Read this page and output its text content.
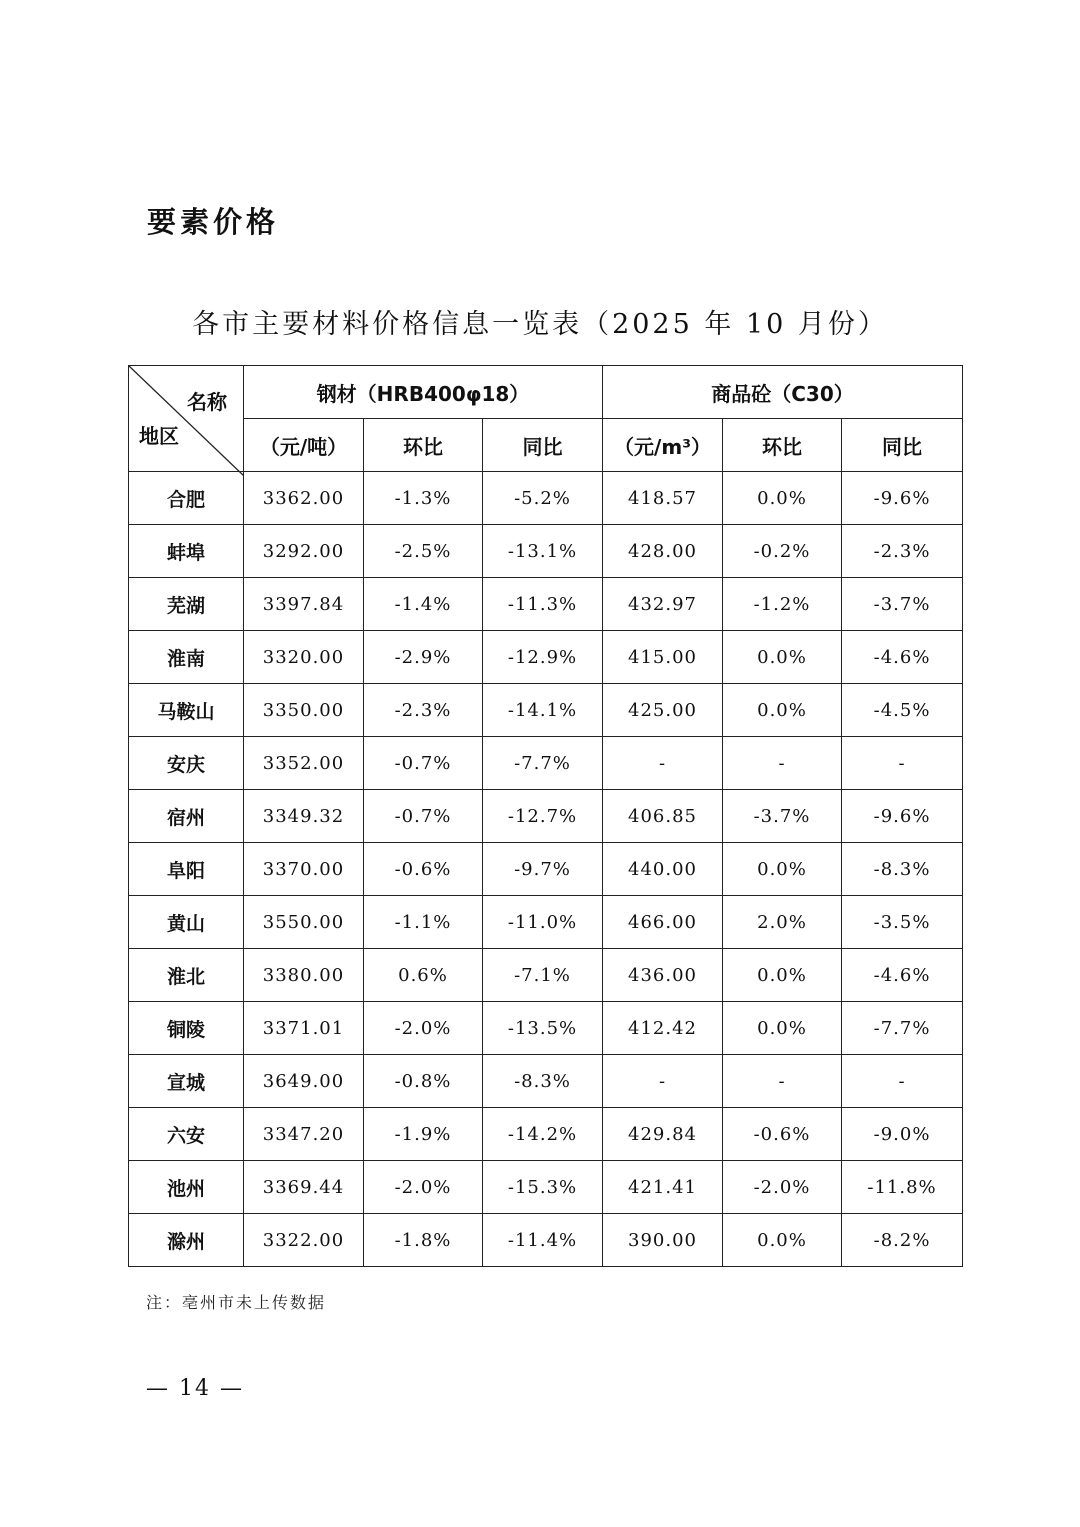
要素价格
各市主要材料价格信息一览表（2025 年 10 月份）
名称
地区	钢材（HRB400φ18）			商品砼（C30）		
	（元/吨）	环比	同比	（元/m³）	环比	同比
合肥	3362.00	-1.3%	-5.2%	418.57	0.0%	-9.6%
蚌埠	3292.00	-2.5%	-13.1%	428.00	-0.2%	-2.3%
芜湖	3397.84	-1.4%	-11.3%	432.97	-1.2%	-3.7%
淮南	3320.00	-2.9%	-12.9%	415.00	0.0%	-4.6%
马鞍山	3350.00	-2.3%	-14.1%	425.00	0.0%	-4.5%
安庆	3352.00	-0.7%	-7.7%	-	-	-
宿州	3349.32	-0.7%	-12.7%	406.85	-3.7%	-9.6%
阜阳	3370.00	-0.6%	-9.7%	440.00	0.0%	-8.3%
黄山	3550.00	-1.1%	-11.0%	466.00	2.0%	-3.5%
淮北	3380.00	0.6%	-7.1%	436.00	0.0%	-4.6%
铜陵	3371.01	-2.0%	-13.5%	412.42	0.0%	-7.7%
宣城	3649.00	-0.8%	-8.3%	-	-	-
六安	3347.20	-1.9%	-14.2%	429.84	-0.6%	-9.0%
池州	3369.44	-2.0%	-15.3%	421.41	-2.0%	-11.8%
滁州	3322.00	-1.8%	-11.4%	390.00	0.0%	-8.2%
注：亳州市未上传数据
— 14 —
